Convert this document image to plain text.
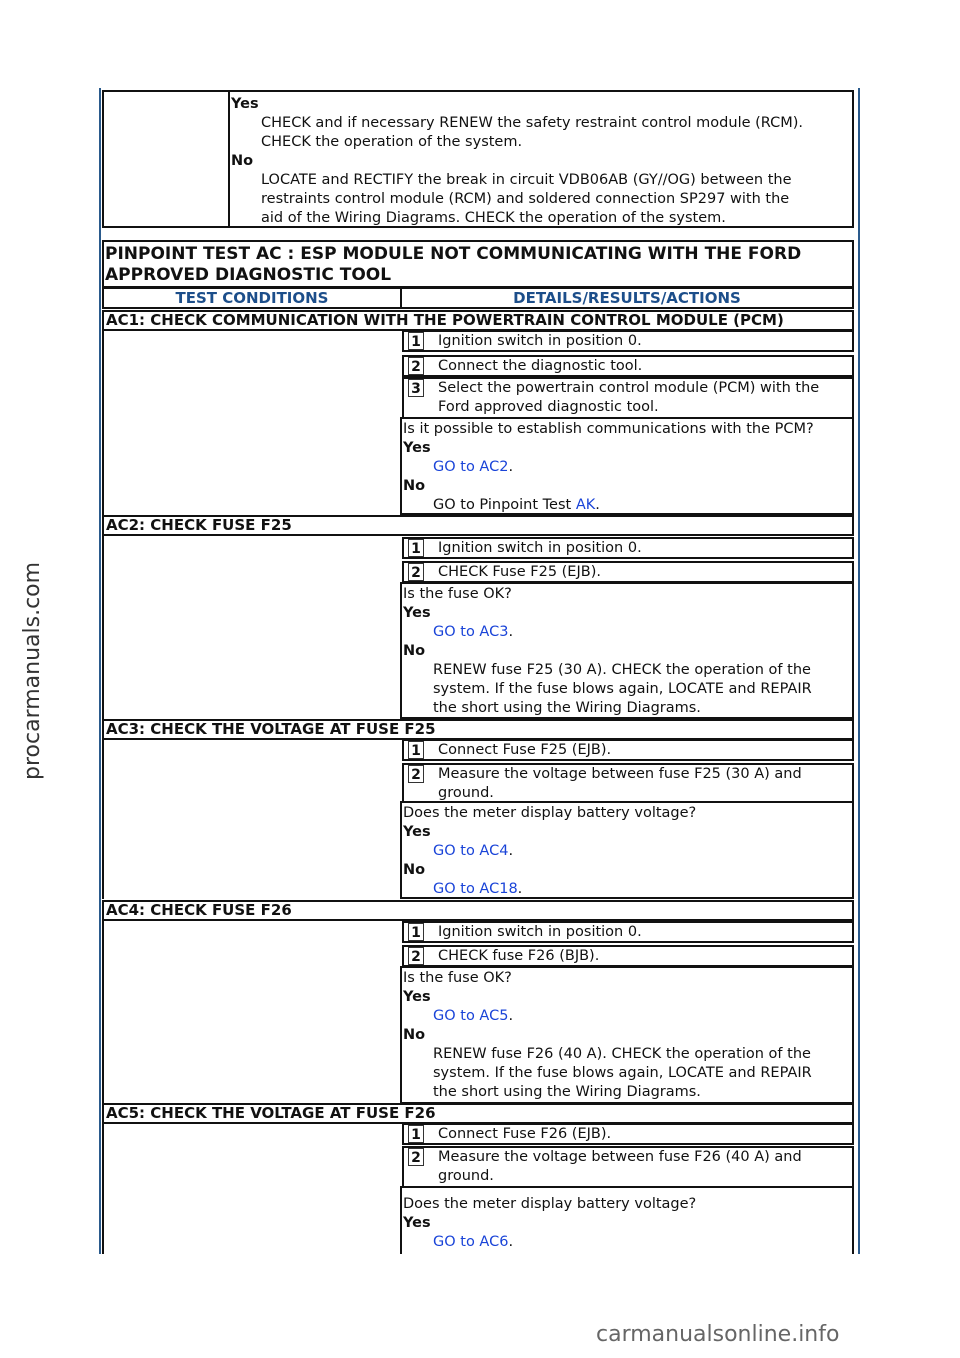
procarmanuals.com
Yes
CHECK and if necessary RENEW the safety restraint control module (RCM).
CHECK the operation of the system.
No
LOCATE and RECTIFY the break in circuit VDB06AB (GY//OG) between the
restraints control module (RCM) and soldered connection SP297 with the
aid of the Wiring Diagrams. CHECK the operation of the system.
PINPOINT TEST AC : ESP MODULE NOT COMMUNICATING WITH THE FORD
APPROVED DIAGNOSTIC TOOL
TEST CONDITIONS	DETAILS/RESULTS/ACTIONS
AC1: CHECK COMMUNICATION WITH THE POWERTRAIN CONTROL MODULE (PCM)
1 Ignition switch in position 0.
2 Connect the diagnostic tool.
3 Select the powertrain control module (PCM) with the
Ford approved diagnostic tool.
Is it possible to establish communications with the PCM?
Yes
GO to AC2.
No
GO to Pinpoint Test AK.
AC2: CHECK FUSE F25
1 Ignition switch in position 0.
2 CHECK Fuse F25 (EJB).
Is the fuse OK?
Yes
GO to AC3.
No
RENEW fuse F25 (30 A). CHECK the operation of the
system. If the fuse blows again, LOCATE and REPAIR
the short using the Wiring Diagrams.
AC3: CHECK THE VOLTAGE AT FUSE F25
1 Connect Fuse F25 (EJB).
2 Measure the voltage between fuse F25 (30 A) and
ground.
Does the meter display battery voltage?
Yes
GO to AC4.
No
GO to AC18.
AC4: CHECK FUSE F26
1 Ignition switch in position 0.
2 CHECK fuse F26 (BJB).
Is the fuse OK?
Yes
GO to AC5.
No
RENEW fuse F26 (40 A). CHECK the operation of the
system. If the fuse blows again, LOCATE and REPAIR
the short using the Wiring Diagrams.
AC5: CHECK THE VOLTAGE AT FUSE F26
1 Connect Fuse F26 (EJB).
2 Measure the voltage between fuse F26 (40 A) and
ground.
Does the meter display battery voltage?
Yes
GO to AC6.
carmanualsonline.info
